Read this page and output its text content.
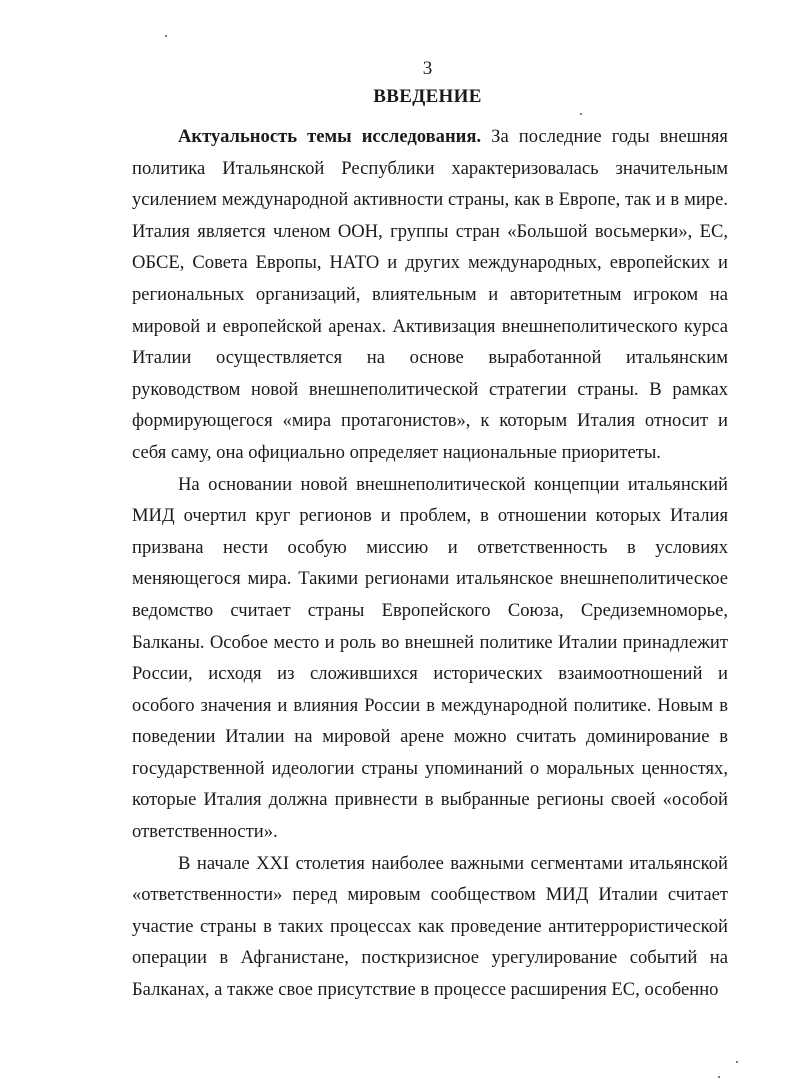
3
ВВЕДЕНИЕ

Актуальность темы исследования. За последние годы внешняя политика Итальянской Республики характеризовалась значительным усилением международной активности страны, как в Европе, так и в мире. Италия является членом ООН, группы стран «Большой восьмерки», ЕС, ОБСЕ, Совета Европы, НАТО и других международных, европейских и региональных организаций, влиятельным и авторитетным игроком на мировой и европейской аренах. Активизация внешнеполитического курса Италии осуществляется на основе выработанной итальянским руководством новой внешнеполитической стратегии страны. В рамках формирующегося «мира протагонистов», к которым Италия относит и себя саму, она официально определяет национальные приоритеты.

На основании новой внешнеполитической концепции итальянский МИД очертил круг регионов и проблем, в отношении которых Италия призвана нести особую миссию и ответственность в условиях меняющегося мира. Такими регионами итальянское внешнеполитическое ведомство считает страны Европейского Союза, Средиземноморье, Балканы. Особое место и роль во внешней политике Италии принадлежит России, исходя из сложившихся исторических взаимоотношений и особого значения и влияния России в международной политике. Новым в поведении Италии на мировой арене можно считать доминирование в государственной идеологии страны упоминаний о моральных ценностях, которые Италия должна привнести в выбранные регионы своей «особой ответственности».

В начале XXI столетия наиболее важными сегментами итальянской «ответственности» перед мировым сообществом МИД Италии считает участие страны в таких процессах как проведение антитеррористической операции в Афганистане, посткризисное урегулирование событий на Балканах, а также свое присутствие в процессе расширения ЕС, особенно
